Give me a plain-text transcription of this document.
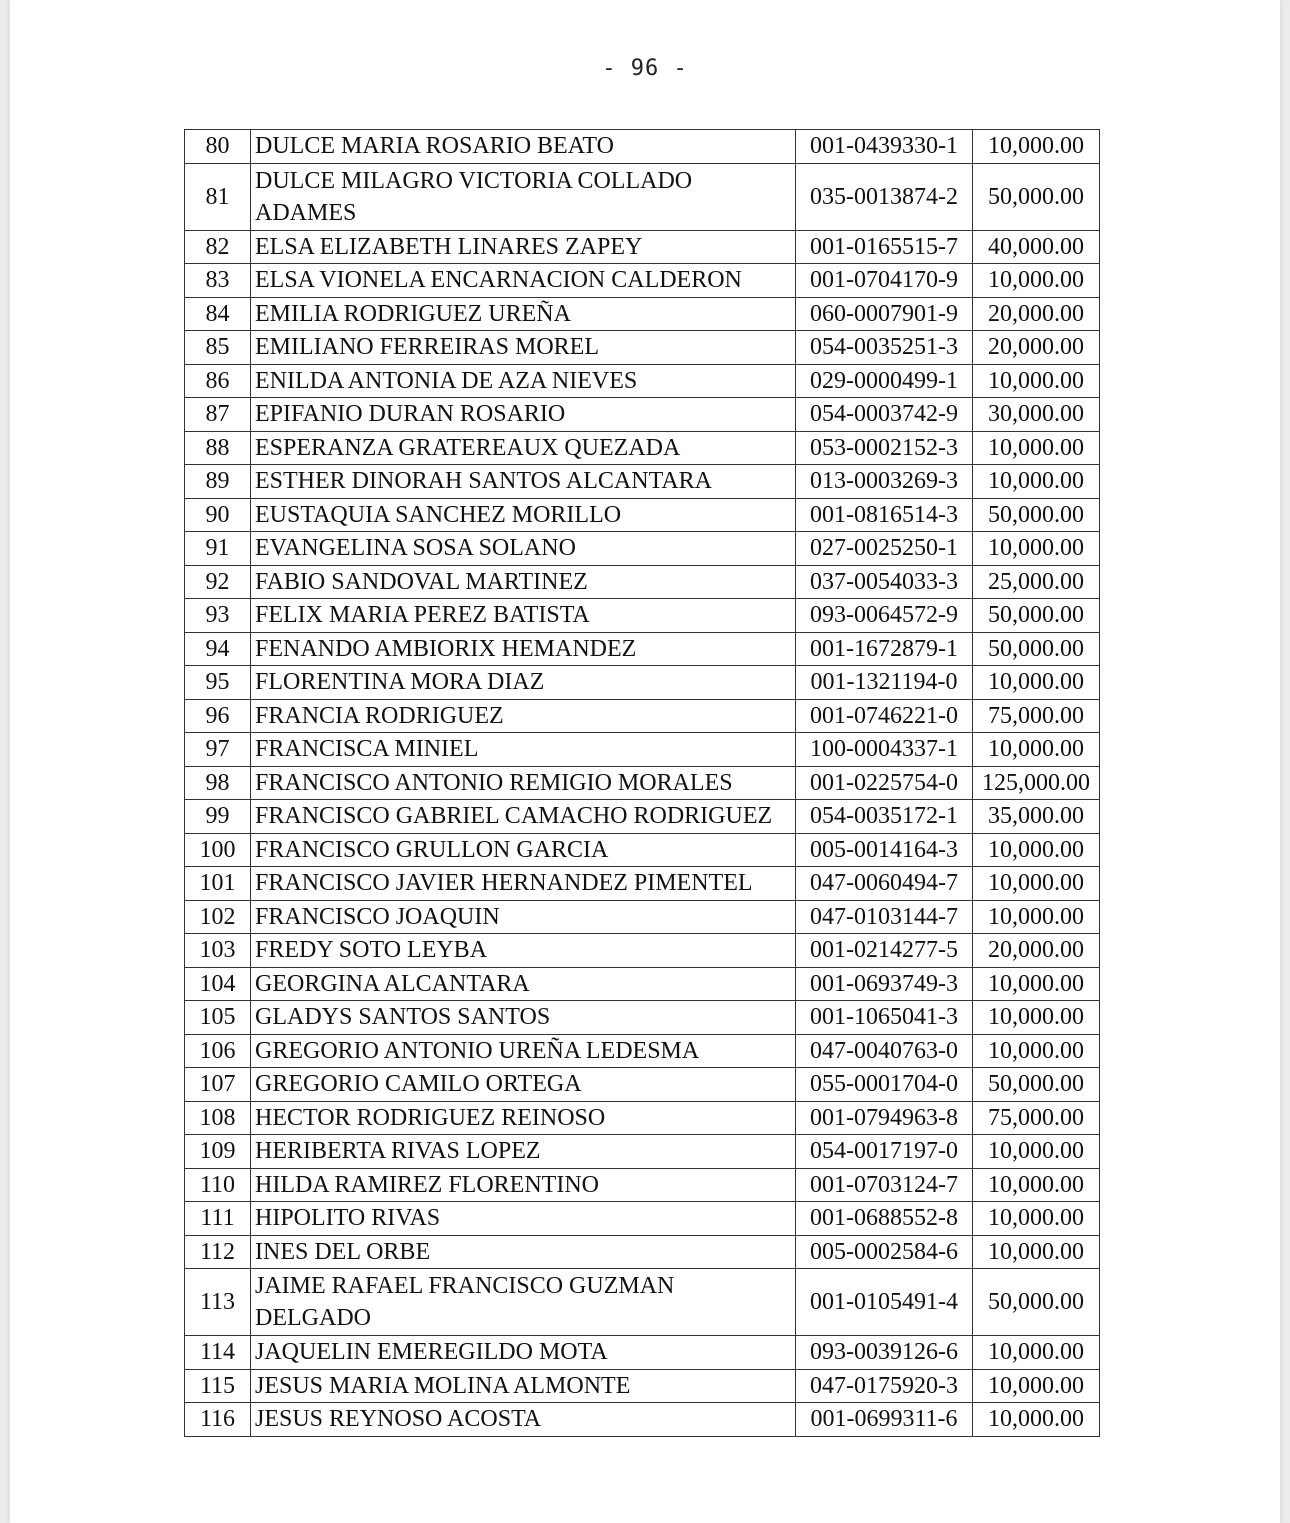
- 96 -
80	DULCE MARIA ROSARIO BEATO	001-0439330-1	10,000.00
81	DULCE MILAGRO VICTORIA COLLADO ADAMES	035-0013874-2	50,000.00
82	ELSA ELIZABETH LINARES ZAPEY	001-0165515-7	40,000.00
83	ELSA VIONELA ENCARNACION CALDERON	001-0704170-9	10,000.00
84	EMILIA RODRIGUEZ UREÑA	060-0007901-9	20,000.00
85	EMILIANO FERREIRAS MOREL	054-0035251-3	20,000.00
86	ENILDA ANTONIA DE AZA NIEVES	029-0000499-1	10,000.00
87	EPIFANIO DURAN ROSARIO	054-0003742-9	30,000.00
88	ESPERANZA GRATEREAUX QUEZADA	053-0002152-3	10,000.00
89	ESTHER DINORAH SANTOS ALCANTARA	013-0003269-3	10,000.00
90	EUSTAQUIA SANCHEZ MORILLO	001-0816514-3	50,000.00
91	EVANGELINA SOSA SOLANO	027-0025250-1	10,000.00
92	FABIO SANDOVAL MARTINEZ	037-0054033-3	25,000.00
93	FELIX MARIA PEREZ BATISTA	093-0064572-9	50,000.00
94	FENANDO AMBIORIX HEMANDEZ	001-1672879-1	50,000.00
95	FLORENTINA MORA DIAZ	001-1321194-0	10,000.00
96	FRANCIA RODRIGUEZ	001-0746221-0	75,000.00
97	FRANCISCA MINIEL	100-0004337-1	10,000.00
98	FRANCISCO ANTONIO REMIGIO MORALES	001-0225754-0	125,000.00
99	FRANCISCO GABRIEL CAMACHO RODRIGUEZ	054-0035172-1	35,000.00
100	FRANCISCO GRULLON GARCIA	005-0014164-3	10,000.00
101	FRANCISCO JAVIER HERNANDEZ PIMENTEL	047-0060494-7	10,000.00
102	FRANCISCO JOAQUIN	047-0103144-7	10,000.00
103	FREDY SOTO LEYBA	001-0214277-5	20,000.00
104	GEORGINA ALCANTARA	001-0693749-3	10,000.00
105	GLADYS SANTOS SANTOS	001-1065041-3	10,000.00
106	GREGORIO ANTONIO UREÑA LEDESMA	047-0040763-0	10,000.00
107	GREGORIO CAMILO ORTEGA	055-0001704-0	50,000.00
108	HECTOR RODRIGUEZ REINOSO	001-0794963-8	75,000.00
109	HERIBERTA RIVAS LOPEZ	054-0017197-0	10,000.00
110	HILDA RAMIREZ FLORENTINO	001-0703124-7	10,000.00
111	HIPOLITO RIVAS	001-0688552-8	10,000.00
112	INES DEL ORBE	005-0002584-6	10,000.00
113	JAIME RAFAEL FRANCISCO GUZMAN DELGADO	001-0105491-4	50,000.00
114	JAQUELIN EMEREGILDO MOTA	093-0039126-6	10,000.00
115	JESUS MARIA MOLINA ALMONTE	047-0175920-3	10,000.00
116	JESUS REYNOSO ACOSTA	001-0699311-6	10,000.00
